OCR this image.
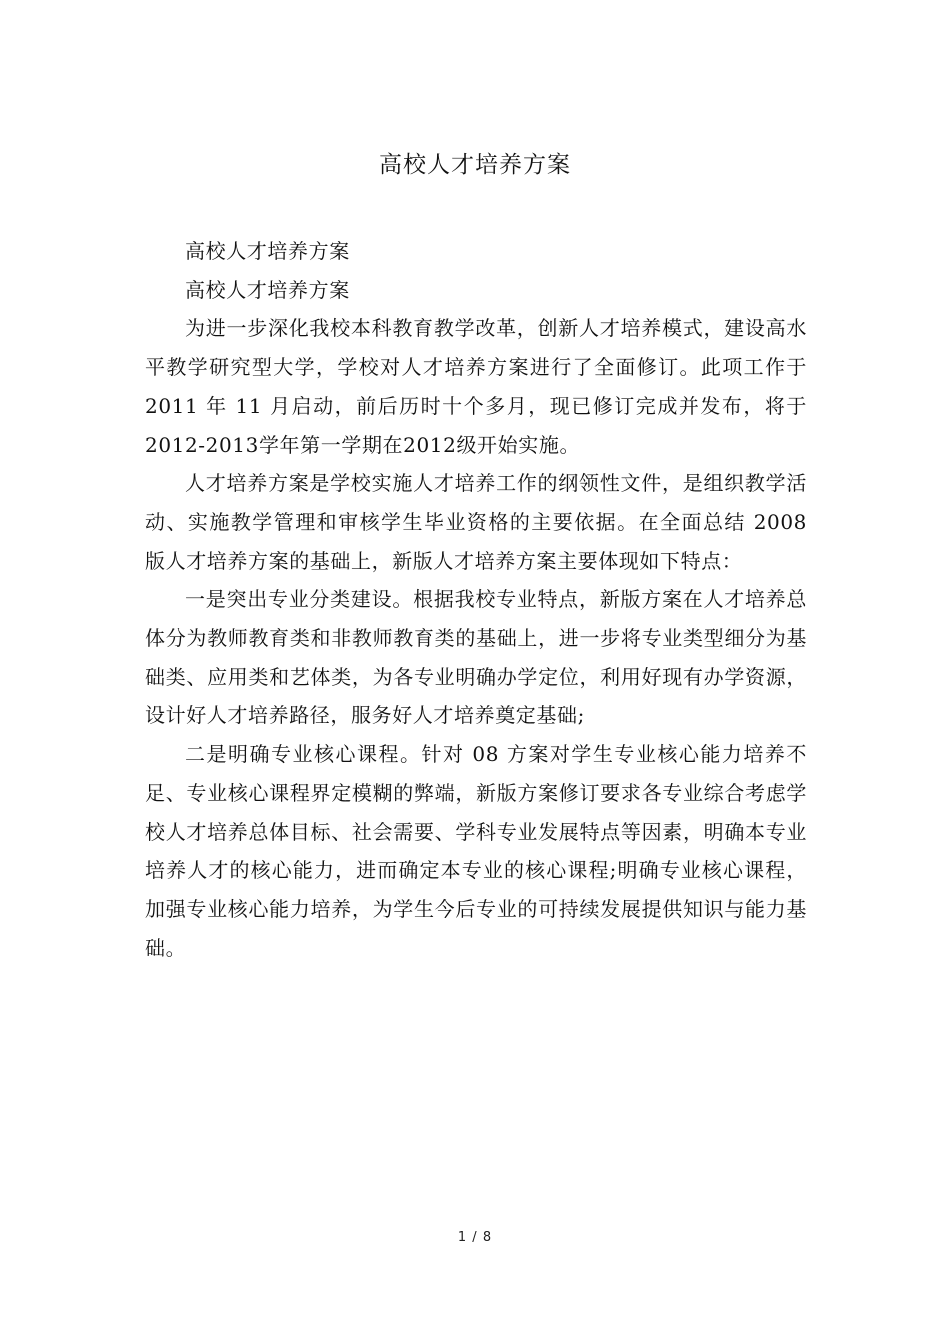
高校人才培养方案

高校人才培养方案

高校人才培养方案

为进一步深化我校本科教育教学改革，创新人才培养模式，建设高水平教学研究型大学，学校对人才培养方案进行了全面修订。此项工作于 2011 年 11 月启动，前后历时十个多月，现已修订完成并发布，将于2012-2013学年第一学期在2012级开始实施。

人才培养方案是学校实施人才培养工作的纲领性文件，是组织教学活动、实施教学管理和审核学生毕业资格的主要依据。在全面总结 2008 版人才培养方案的基础上，新版人才培养方案主要体现如下特点：

一是突出专业分类建设。根据我校专业特点，新版方案在人才培养总体分为教师教育类和非教师教育类的基础上，进一步将专业类型细分为基础类、应用类和艺体类，为各专业明确办学定位，利用好现有办学资源，设计好人才培养路径，服务好人才培养奠定基础;

二是明确专业核心课程。针对 08 方案对学生专业核心能力培养不足、专业核心课程界定模糊的弊端，新版方案修订要求各专业综合考虑学校人才培养总体目标、社会需要、学科专业发展特点等因素，明确本专业培养人才的核心能力，进而确定本专业的核心课程;明确专业核心课程，加强专业核心能力培养，为学生今后专业的可持续发展提供知识与能力基础。

1 / 8
